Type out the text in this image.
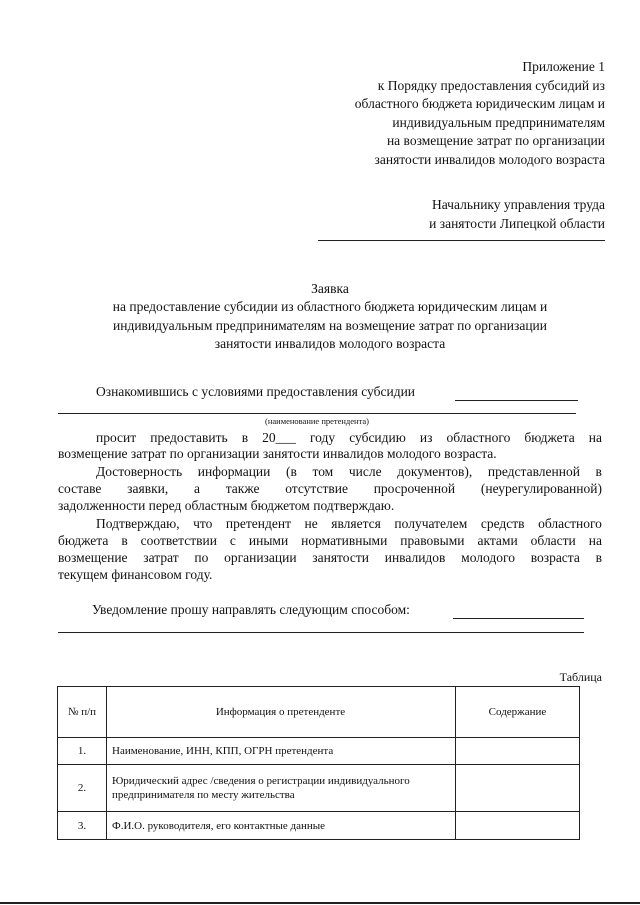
Приложение 1
к Порядку предоставления субсидий из
областного бюджета юридическим лицам и
индивидуальным предпринимателям
на возмещение затрат по организации
занятости инвалидов молодого возраста
Начальнику управления труда
и занятости Липецкой области
Заявка
на предоставление субсидии из областного бюджета юридическим лицам и
индивидуальным предпринимателям на возмещение затрат по организации
занятости инвалидов молодого возраста
Ознакомившись с условиями предоставления субсидии
(наименование претендента)
просит предоставить в 20___ году субсидию из областного бюджета на
возмещение затрат по организации занятости инвалидов молодого возраста.
Достоверность информации (в том числе документов), представленной в
составе заявки, а также отсутствие просроченной (неурегулированной)
задолженности перед областным бюджетом подтверждаю.
Подтверждаю, что претендент не является получателем средств областного
бюджета в соответствии с иными нормативными правовыми актами области на
возмещение затрат по организации занятости инвалидов молодого возраста в
текущем финансовом году.
Уведомление прошу направлять следующим способом:
Таблица
№ п/п	Информация о претенденте	Содержание
1.	Наименование, ИНН, КПП, ОГРН претендента	
2.	Юридический адрес /сведения о регистрации индивидуального предпринимателя по месту жительства	
3.	Ф.И.О. руководителя, его контактные данные	
